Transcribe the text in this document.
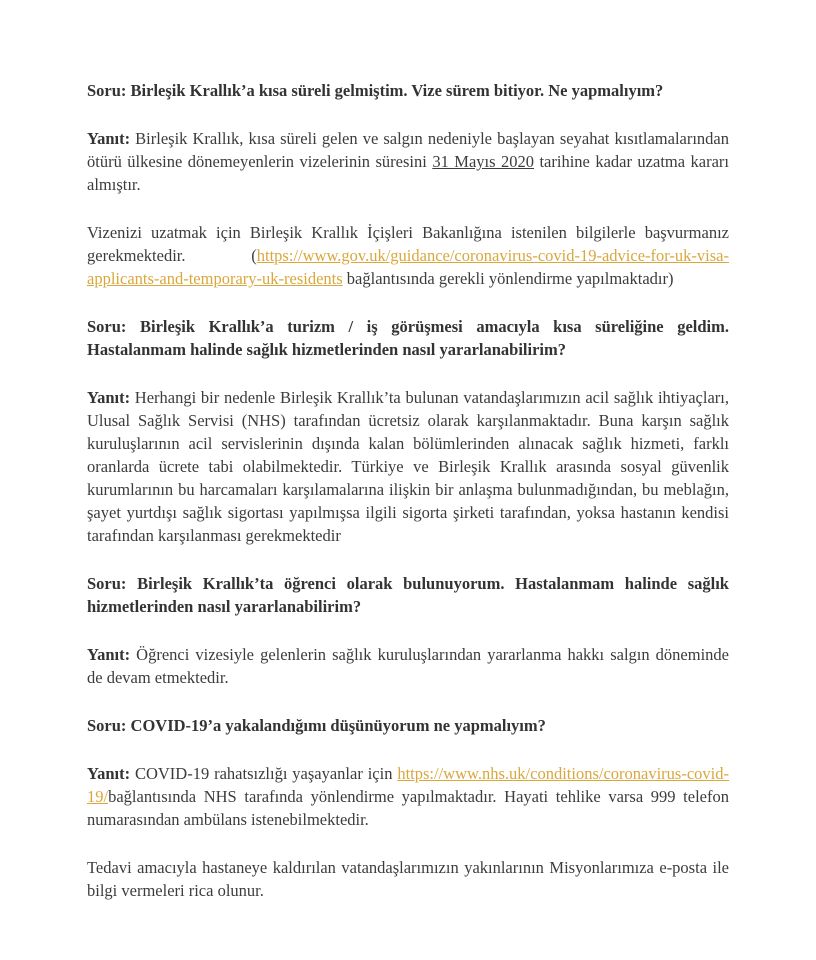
Soru: Birleşik Krallık’a kısa süreli gelmiştim. Vize sürem bitiyor. Ne yapmalıyım?

Yanıt: Birleşik Krallık, kısa süreli gelen ve salgın nedeniyle başlayan seyahat kısıtlamalarından ötürü ülkesine dönemeyenlerin vizelerinin süresini 31 Mayıs 2020 tarihine kadar uzatma kararı almıştır.

Vizenizi uzatmak için Birleşik Krallık İçişleri Bakanlığına istenilen bilgilerle başvurmanız gerekmektedir. (https://www.gov.uk/guidance/coronavirus-covid-19-advice-for-uk-visa-applicants-and-temporary-uk-residents bağlantısında gerekli yönlendirme yapılmaktadır)

Soru: Birleşik Krallık’a turizm / iş görüşmesi amacıyla kısa süreliğine geldim. Hastalanmam halinde sağlık hizmetlerinden nasıl yararlanabilirim?

Yanıt: Herhangi bir nedenle Birleşik Krallık’ta bulunan vatandaşlarımızın acil sağlık ihtiyaçları, Ulusal Sağlık Servisi (NHS) tarafından ücretsiz olarak karşılanmaktadır. Buna karşın sağlık kuruluşlarının acil servislerinin dışında kalan bölümlerinden alınacak sağlık hizmeti, farklı oranlarda ücrete tabi olabilmektedir. Türkiye ve Birleşik Krallık arasında sosyal güvenlik kurumlarının bu harcamaları karşılamalarına ilişkin bir anlaşma bulunmadığından, bu meblağın, şayet yurtdışı sağlık sigortası yapılmışsa ilgili sigorta şirketi tarafından, yoksa hastanın kendisi tarafından karşılanması gerekmektedir

Soru: Birleşik Krallık’ta öğrenci olarak bulunuyorum. Hastalanmam halinde sağlık hizmetlerinden nasıl yararlanabilirim?

Yanıt: Öğrenci vizesiyle gelenlerin sağlık kuruluşlarından yararlanma hakkı salgın döneminde de devam etmektedir.

Soru: COVID-19’a yakalandığımı düşünüyorum ne yapmalıyım?

Yanıt: COVID-19 rahatsızlığı yaşayanlar için https://www.nhs.uk/conditions/coronavirus-covid-19/bağlantısında NHS tarafında yönlendirme yapılmaktadır. Hayati tehlike varsa 999 telefon numarasından ambülans istenebilmektedir.

Tedavi amacıyla hastaneye kaldırılan vatandaşlarımızın yakınlarının Misyonlarımıza e-posta ile bilgi vermeleri rica olunur.
